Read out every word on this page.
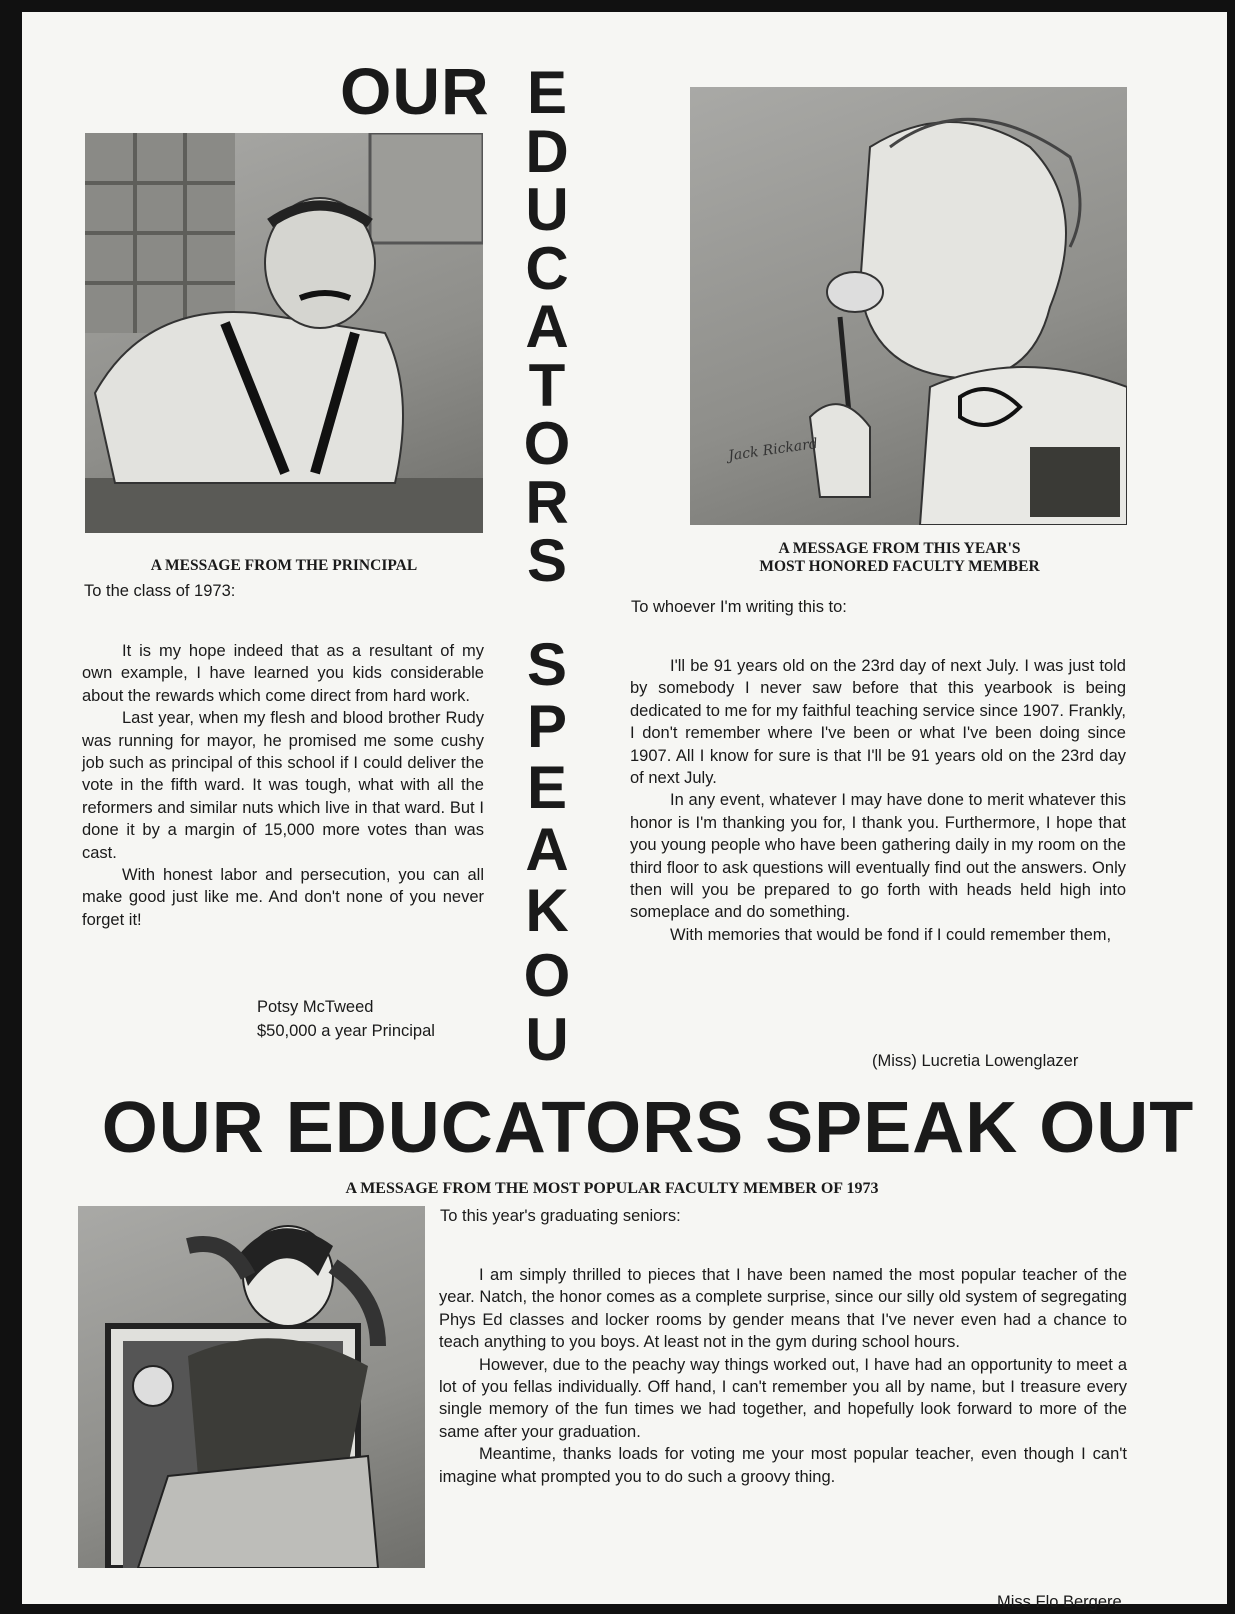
OUR E
D
U
C
A
T
O
R
S
S
P
E
A
K
O
U
A MESSAGE FROM THE PRINCIPAL
To the class of 1973:

It is my hope indeed that as a resultant of my own example, I have learned you kids considerable about the rewards which come direct from hard work.

Last year, when my flesh and blood brother Rudy was running for mayor, he promised me some cushy job such as principal of this school if I could deliver the vote in the fifth ward. It was tough, what with all the reformers and similar nuts which live in that ward. But I done it by a margin of 15,000 more votes than was cast.

With honest labor and persecution, you can all make good just like me. And don't none of you never forget it!

Potsy McTweed
$50,000 a year Principal
Jack Rickard
A MESSAGE FROM THIS YEAR'S
MOST HONORED FACULTY MEMBER
To whoever I'm writing this to:

I'll be 91 years old on the 23rd day of next July. I was just told by somebody I never saw before that this yearbook is being dedicated to me for my faithful teaching service since 1907. Frankly, I don't remember where I've been or what I've been doing since 1907. All I know for sure is that I'll be 91 years old on the 23rd day of next July.

In any event, whatever I may have done to merit whatever this honor is I'm thanking you for, I thank you. Furthermore, I hope that you young people who have been gathering daily in my room on the third floor to ask questions will eventually find out the answers. Only then will you be prepared to go forth with heads held high into someplace and do something.

With memories that would be fond if I could remember them,

(Miss) Lucretia Lowenglazer
OUR EDUCATORS SPEAK OUT
A MESSAGE FROM THE MOST POPULAR FACULTY MEMBER OF 1973
To this year's graduating seniors:

I am simply thrilled to pieces that I have been named the most popular teacher of the year. Natch, the honor comes as a complete surprise, since our silly old system of segregating Phys Ed classes and locker rooms by gender means that I've never even had a chance to teach anything to you boys. At least not in the gym during school hours.

However, due to the peachy way things worked out, I have had an opportunity to meet a lot of you fellas individually. Off hand, I can't remember you all by name, but I treasure every single memory of the fun times we had together, and hopefully look forward to more of the same after your graduation.

Meantime, thanks loads for voting me your most popular teacher, even though I can't imagine what prompted you to do such a groovy thing.

Miss Flo Bergere
